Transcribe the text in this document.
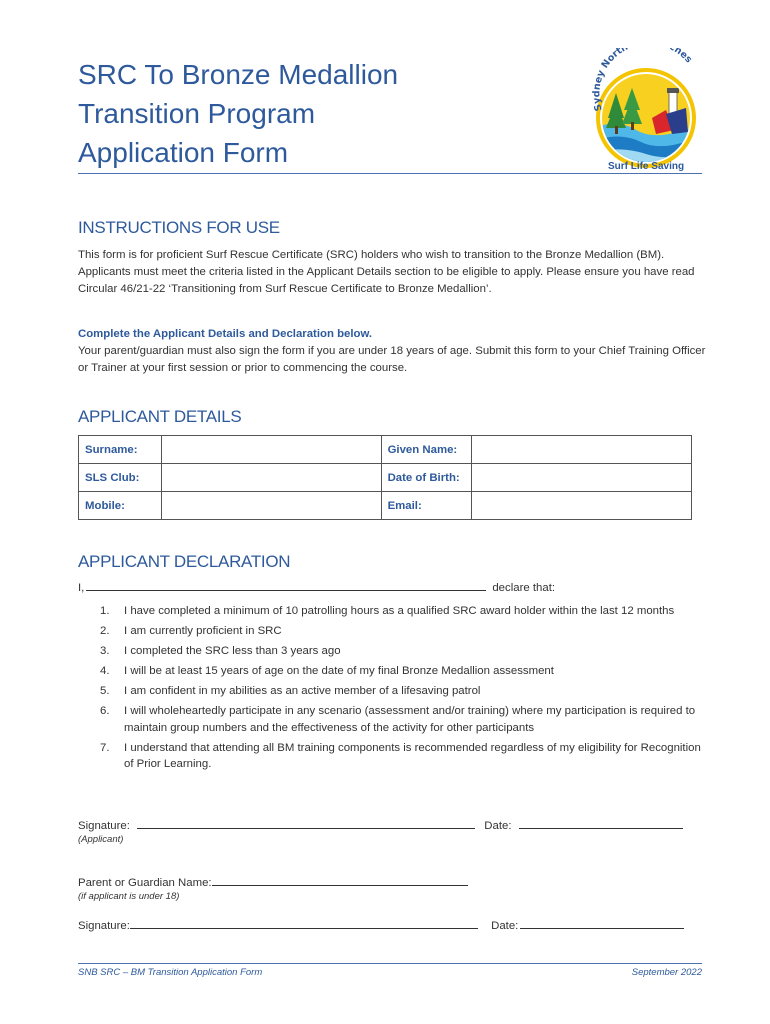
SRC To Bronze Medallion
Transition Program
Application Form
Sydney North hes
Surf Life Saving
INSTRUCTIONS FOR USE
This form is for proficient Surf Rescue Certificate (SRC) holders who wish to transition to the Bronze Medallion (BM). Applicants must meet the criteria listed in the Applicant Details section to be eligible to apply. Please ensure you have read Circular 46/21-22 ‘Transitioning from Surf Rescue Certificate to Bronze Medallion’.
Complete the Applicant Details and Declaration below.
Your parent/guardian must also sign the form if you are under 18 years of age. Submit this form to your Chief Training Officer or Trainer at your first session or prior to commencing the course.
APPLICANT DETAILS
Surname:		Given Name:	
SLS Club:		Date of Birth:	
Mobile:		Email:	
APPLICANT DECLARATION
I,	declare that:
1. I have completed a minimum of 10 patrolling hours as a qualified SRC award holder within the last 12 months
2. I am currently proficient in SRC
3. I completed the SRC less than 3 years ago
4. I will be at least 15 years of age on the date of my final Bronze Medallion assessment
5. I am confident in my abilities as an active member of a lifesaving patrol
6. I will wholeheartedly participate in any scenario (assessment and/or training) where my participation is required to maintain group numbers and the effectiveness of the activity for other participants
7. I understand that attending all BM training components is recommended regardless of my eligibility for Recognition of Prior Learning.
Signature:	Date:
(Applicant)
Parent or Guardian Name:
(if applicant is under 18)
Signature:	Date:
SNB SRC – BM Transition Application Form	September 2022
